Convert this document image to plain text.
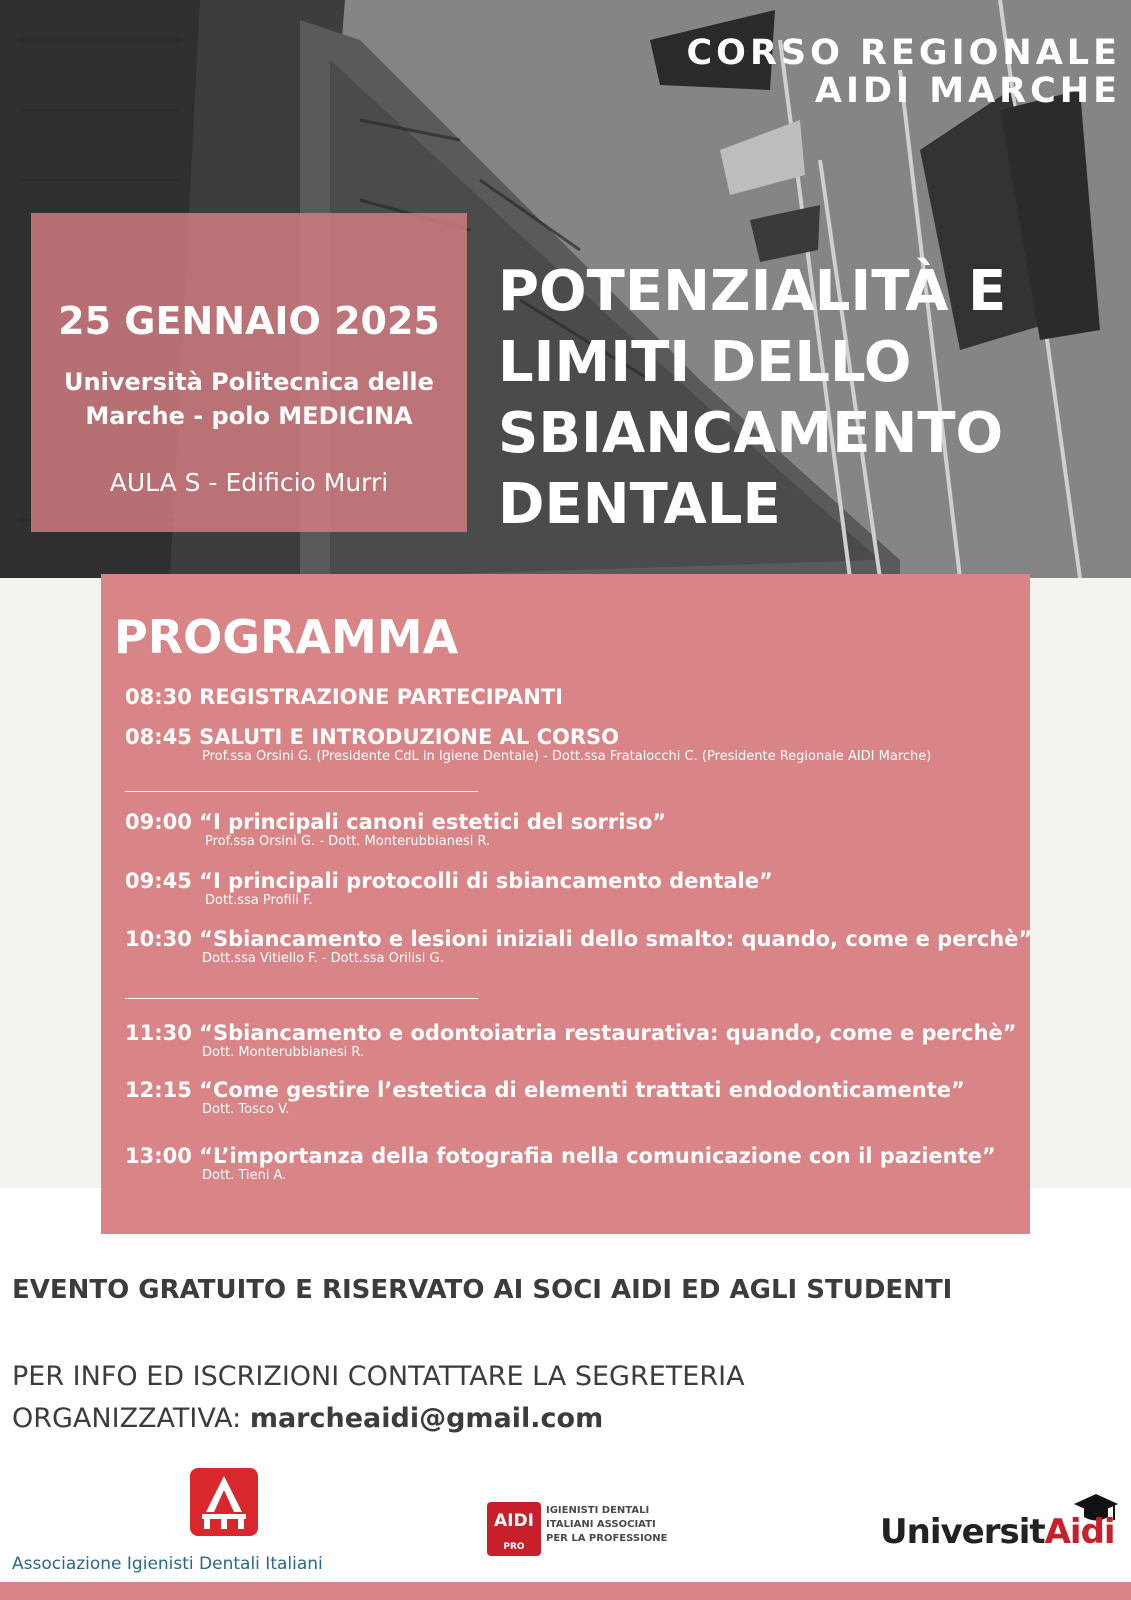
CORSO REGIONALE
AIDI MARCHE
25 GENNAIO 2025
Università Politecnica delle
Marche - polo MEDICINA
AULA S - Edificio Murri
POTENZIALITÀ E
LIMITI DELLO
SBIANCAMENTO
DENTALE
PROGRAMMA
08:30 REGISTRAZIONE PARTECIPANTI
08:45 SALUTI E INTRODUZIONE AL CORSO
Prof.ssa Orsini G. (Presidente CdL in Igiene Dentale) - Dott.ssa Fratalocchi C. (Presidente Regionale AIDI Marche)
09:00 “I principali canoni estetici del sorriso”
Prof.ssa Orsini G. - Dott. Monterubbianesi R.
09:45 “I principali protocolli di sbiancamento dentale”
Dott.ssa Profili F.
10:30 “Sbiancamento e lesioni iniziali dello smalto: quando, come e perchè”
Dott.ssa Vitiello F. - Dott.ssa Orilisi G.
11:30 “Sbiancamento e odontoiatria restaurativa: quando, come e perchè”
Dott. Monterubbianesi R.
12:15 “Come gestire l’estetica di elementi trattati endodonticamente”
Dott. Tosco V.
13:00 “L’importanza della fotografia nella comunicazione con il paziente”
Dott. Tieni A.
EVENTO GRATUITO E RISERVATO AI SOCI AIDI ED AGLI STUDENTI
PER INFO ED ISCRIZIONI CONTATTARE LA SEGRETERIA
ORGANIZZATIVA: marcheaidi@gmail.com
Associazione Igienisti Dentali Italiani
AIDI
PRO
IGIENISTI DENTALI
ITALIANI ASSOCIATI
PER LA PROFESSIONE	UniversitAidi
